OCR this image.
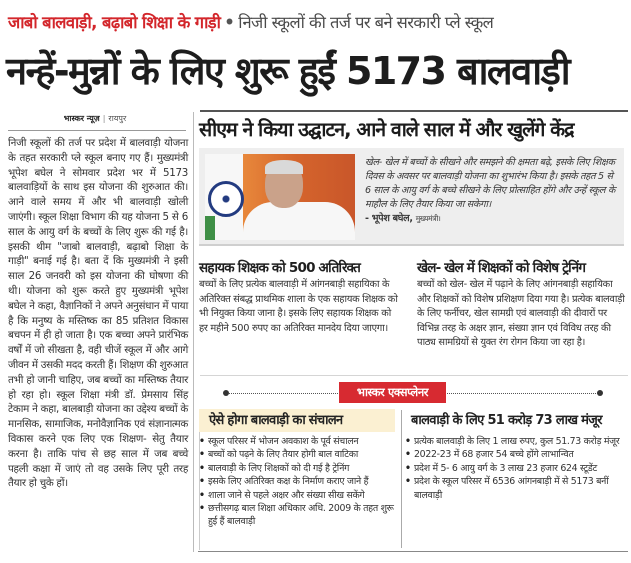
जाबो बालवाड़ी, बढ़ाबो शिक्षा के गाड़ी • निजी स्कूलों की तर्ज पर बने सरकारी प्ले स्कूल
नन्हें-मुन्नों के लिए शुरू हुईं 5173 बालवाड़ी
भास्कर न्यूज़ | रायपुर

निजी स्कूलों की तर्ज पर प्रदेश में बालवाड़ी योजना के तहत सरकारी प्ले स्कूल बनाए गए हैं। मुख्यमंत्री भूपेश बघेल ने सोमवार प्रदेश भर में 5173 बालवाड़ियों के साथ इस योजना की शुरुआत की। आने वाले समय में और भी बालवाड़ी खोली जाएंगी। स्कूल शिक्षा विभाग की यह योजना 5 से 6 साल के आयु वर्ग के बच्चों के लिए शुरू की गई है। इसकी थीम "जाबो बालवाड़ी, बढ़ाबो शिक्षा के गाड़ी" बनाई गई है। बता दें कि मुख्यमंत्री ने इसी साल 26 जनवरी को इस योजना की घोषणा की थी। योजना को शुरू करते हुए मुख्यमंत्री भूपेश बघेल ने कहा, वैज्ञानिकों ने अपने अनुसंधान में पाया है कि मनुष्य के मस्तिष्क का 85 प्रतिशत विकास बचपन में ही हो जाता है। एक बच्चा अपने प्रारंभिक वर्षों में जो सीखता है, वही चीजें स्कूल में और आगे जीवन में उसकी मदद करती हैं। शिक्षण की शुरुआत तभी हो जानी चाहिए, जब बच्चों का मस्तिष्क तैयार हो रहा हो। स्कूल शिक्षा मंत्री डॉ. प्रेमसाय सिंह टेकाम ने कहा, बालबाड़ी योजना का उद्देश्य बच्चों के मानसिक, सामाजिक, मनोवैज्ञानिक एवं संज्ञानात्मक विकास करने एक लिए एक शिक्षण- सेतु तैयार करना है। ताकि पांच से छह साल में जब बच्चे पहली कक्षा में जाएं तो वह उसके लिए पूरी तरह तैयार हो चुके हों।

सीएम ने किया उद्घाटन, आने वाले साल में और खुलेंगे केंद्र
खेल- खेल में बच्चों के सीखने और समझने की क्षमता बढ़े, इसके लिए शिक्षक दिवस के अवसर पर बालवाड़ी योजना का शुभारंभ किया है। इसके तहत 5 से 6 साल के आयु वर्ग के बच्चे सीखने के लिए प्रोत्साहित होंगे और उन्हें स्कूल के माहौल के लिए तैयार किया जा सकेगा।
- भूपेश बघेल, मुख्यमंत्री।
सहायक शिक्षक को 500 अतिरिक्त

बच्चों के लिए प्रत्येक बालवाड़ी में आंगनबाड़ी सहायिका के अतिरिक्त संबद्ध प्राथमिक शाला के एक सहायक शिक्षक को भी नियुक्त किया जाना है। इसके लिए सहायक शिक्षक को हर महीने 500 रुपए का अतिरिक्त मानदेय दिया जाएगा।

खेल- खेल में शिक्षकों को विशेष ट्रेनिंग

बच्चों को खेल- खेल में पढ़ाने के लिए आंगनबाड़ी सहायिका और शिक्षकों को विशेष प्रशिक्षण दिया गया है। प्रत्येक बालवाड़ी के लिए फर्नीचर, खेल सामग्री एवं बालवाड़ी की दीवारों पर विभिन्न तरह के अक्षर ज्ञान, संख्या ज्ञान एवं विविध तरह की पाठ्य सामग्रियों से युक्त रंग रोगन किया जा रहा है।

भास्कर एक्सप्लेनर
ऐसे होगा बालवाड़ी का संचालन	बालवाड़ी के लिए 51 करोड़ 73 लाख मंजूर
• स्कूल परिसर में भोजन अवकाश के पूर्व संचालन
• बच्चों को पढ़ने के लिए तैयार होगी बाल वाटिका
• बालवाड़ी के लिए शिक्षकों को दी गई है ट्रेनिंग
• इसके लिए अतिरिक्त कक्ष के निर्माण कराए जाने हैं
• शाला जाने से पहले अक्षर और संख्या सीख सकेंगे
• छत्तीसगढ़ बाल शिक्षा अधिकार अधि. 2009 के तहत शुरू हुई हैं बालवाड़ी
• प्रत्येक बालवाड़ी के लिए 1 लाख रुपए, कुल 51.73 करोड़ मंजूर
• 2022-23 में 68 हजार 54 बच्चे होंगे लाभान्वित
• प्रदेश में 5- 6 आयु वर्ग के 3 लाख 23 हजार 624 स्टूडेंट
• प्रदेश के स्कूल परिसर में 6536 आंगनबाड़ी में से 5173 बनीं बालवाड़ी
